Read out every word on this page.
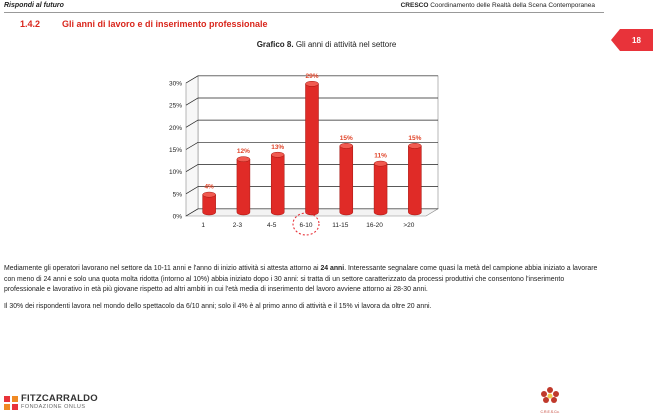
Rispondi al futuro	CRESCO Coordinamento delle Realtà della Scena Contemporanea
1.4.2 Gli anni di lavoro e di inserimento professionale
18
Grafico 8. Gli anni di attività nel settore
0%
5%
10%
15%
20%
25%
30%
4%
1
12%
2-3
13%
4-5
29%
6-10
15%
11-15
11%
16-20
15%
>20

Mediamente gli operatori lavorano nel settore da 10-11 anni e l'anno di inizio attività si attesta attorno ai 24 anni. Interessante segnalare come quasi la metà del campione abbia iniziato a lavorare con meno di 24 anni e solo una quota molta ridotta (intorno al 10%) abbia iniziato dopo i 30 anni: si tratta di un settore caratterizzato da processi produttivi che consentono l'inserimento professionale e lavorativo in età più giovane rispetto ad altri ambiti in cui l'età media di inserimento del lavoro avviene attorno ai 28-30 anni.

Il 30% dei rispondenti lavora nel mondo dello spettacolo da 6/10 anni; solo il 4% è al primo anno di attività e il 15% vi lavora da oltre 20 anni.

FITZCARRALDO
FONDAZIONE ONLUS
C.R.E.S.Co.
